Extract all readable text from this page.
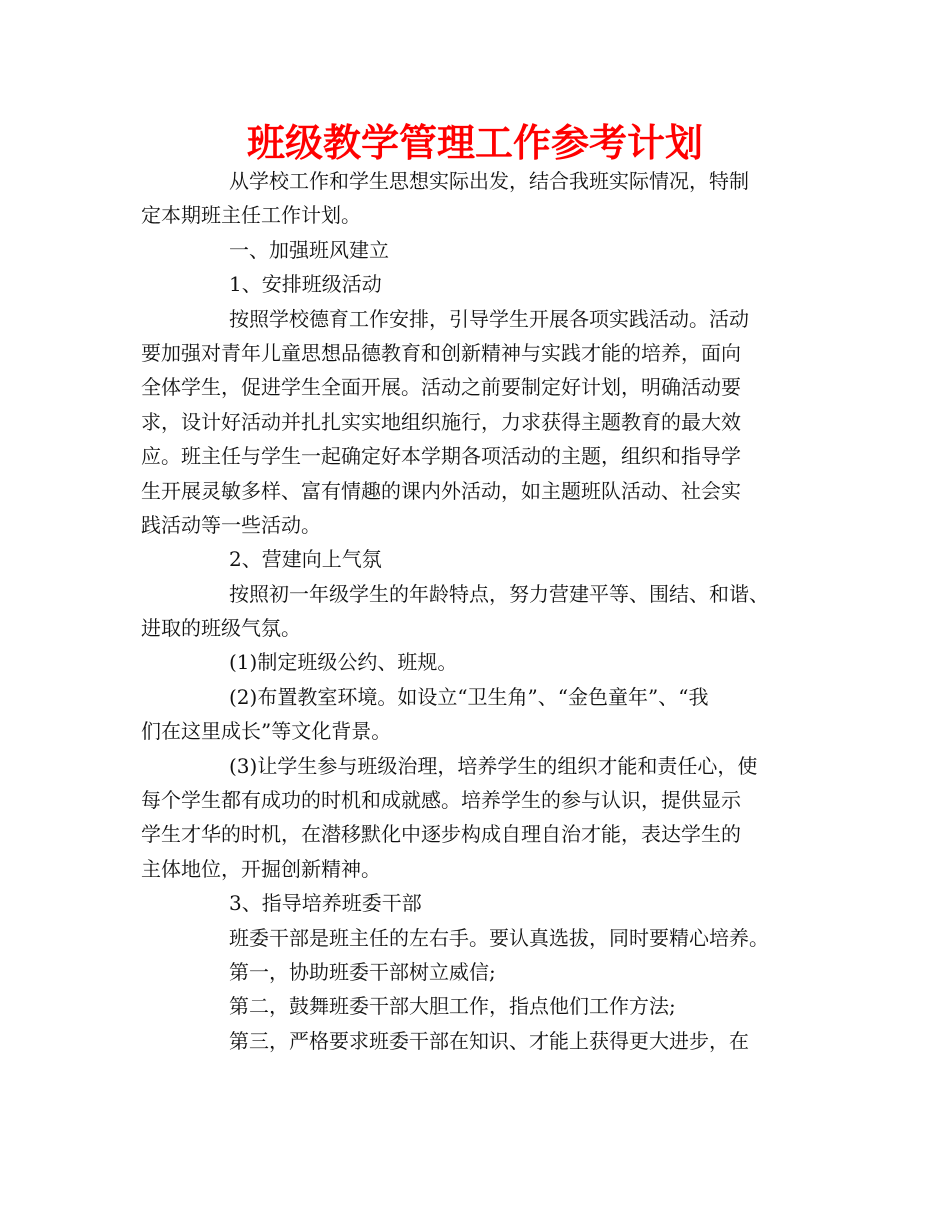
班级教学管理工作参考计划
从学校工作和学生思想实际出发，结合我班实际情况，特制
定本期班主任工作计划。
一、加强班风建立
1、安排班级活动
按照学校德育工作安排，引导学生开展各项实践活动。活动
要加强对青年儿童思想品德教育和创新精神与实践才能的培养，面向
全体学生，促进学生全面开展。活动之前要制定好计划，明确活动要
求，设计好活动并扎扎实实地组织施行，力求获得主题教育的最大效
应。班主任与学生一起确定好本学期各项活动的主题，组织和指导学
生开展灵敏多样、富有情趣的课内外活动，如主题班队活动、社会实
践活动等一些活动。
2、营建向上气氛
按照初一年级学生的年龄特点，努力营建平等、围结、和谐、
进取的班级气氛。
(1)制定班级公约、班规。
(2)布置教室环境。如设立“卫生角”、“金色童年”、“我
们在这里成长”等文化背景。
(3)让学生参与班级治理，培养学生的组织才能和责任心，使
每个学生都有成功的时机和成就感。培养学生的参与认识，提供显示
学生才华的时机，在潜移默化中逐步构成自理自治才能，表达学生的
主体地位，开掘创新精神。
3、指导培养班委干部
班委干部是班主任的左右手。要认真选拔，同时要精心培养。
第一，协助班委干部树立威信;
第二，鼓舞班委干部大胆工作，指点他们工作方法;
第三，严格要求班委干部在知识、才能上获得更大进步，在
